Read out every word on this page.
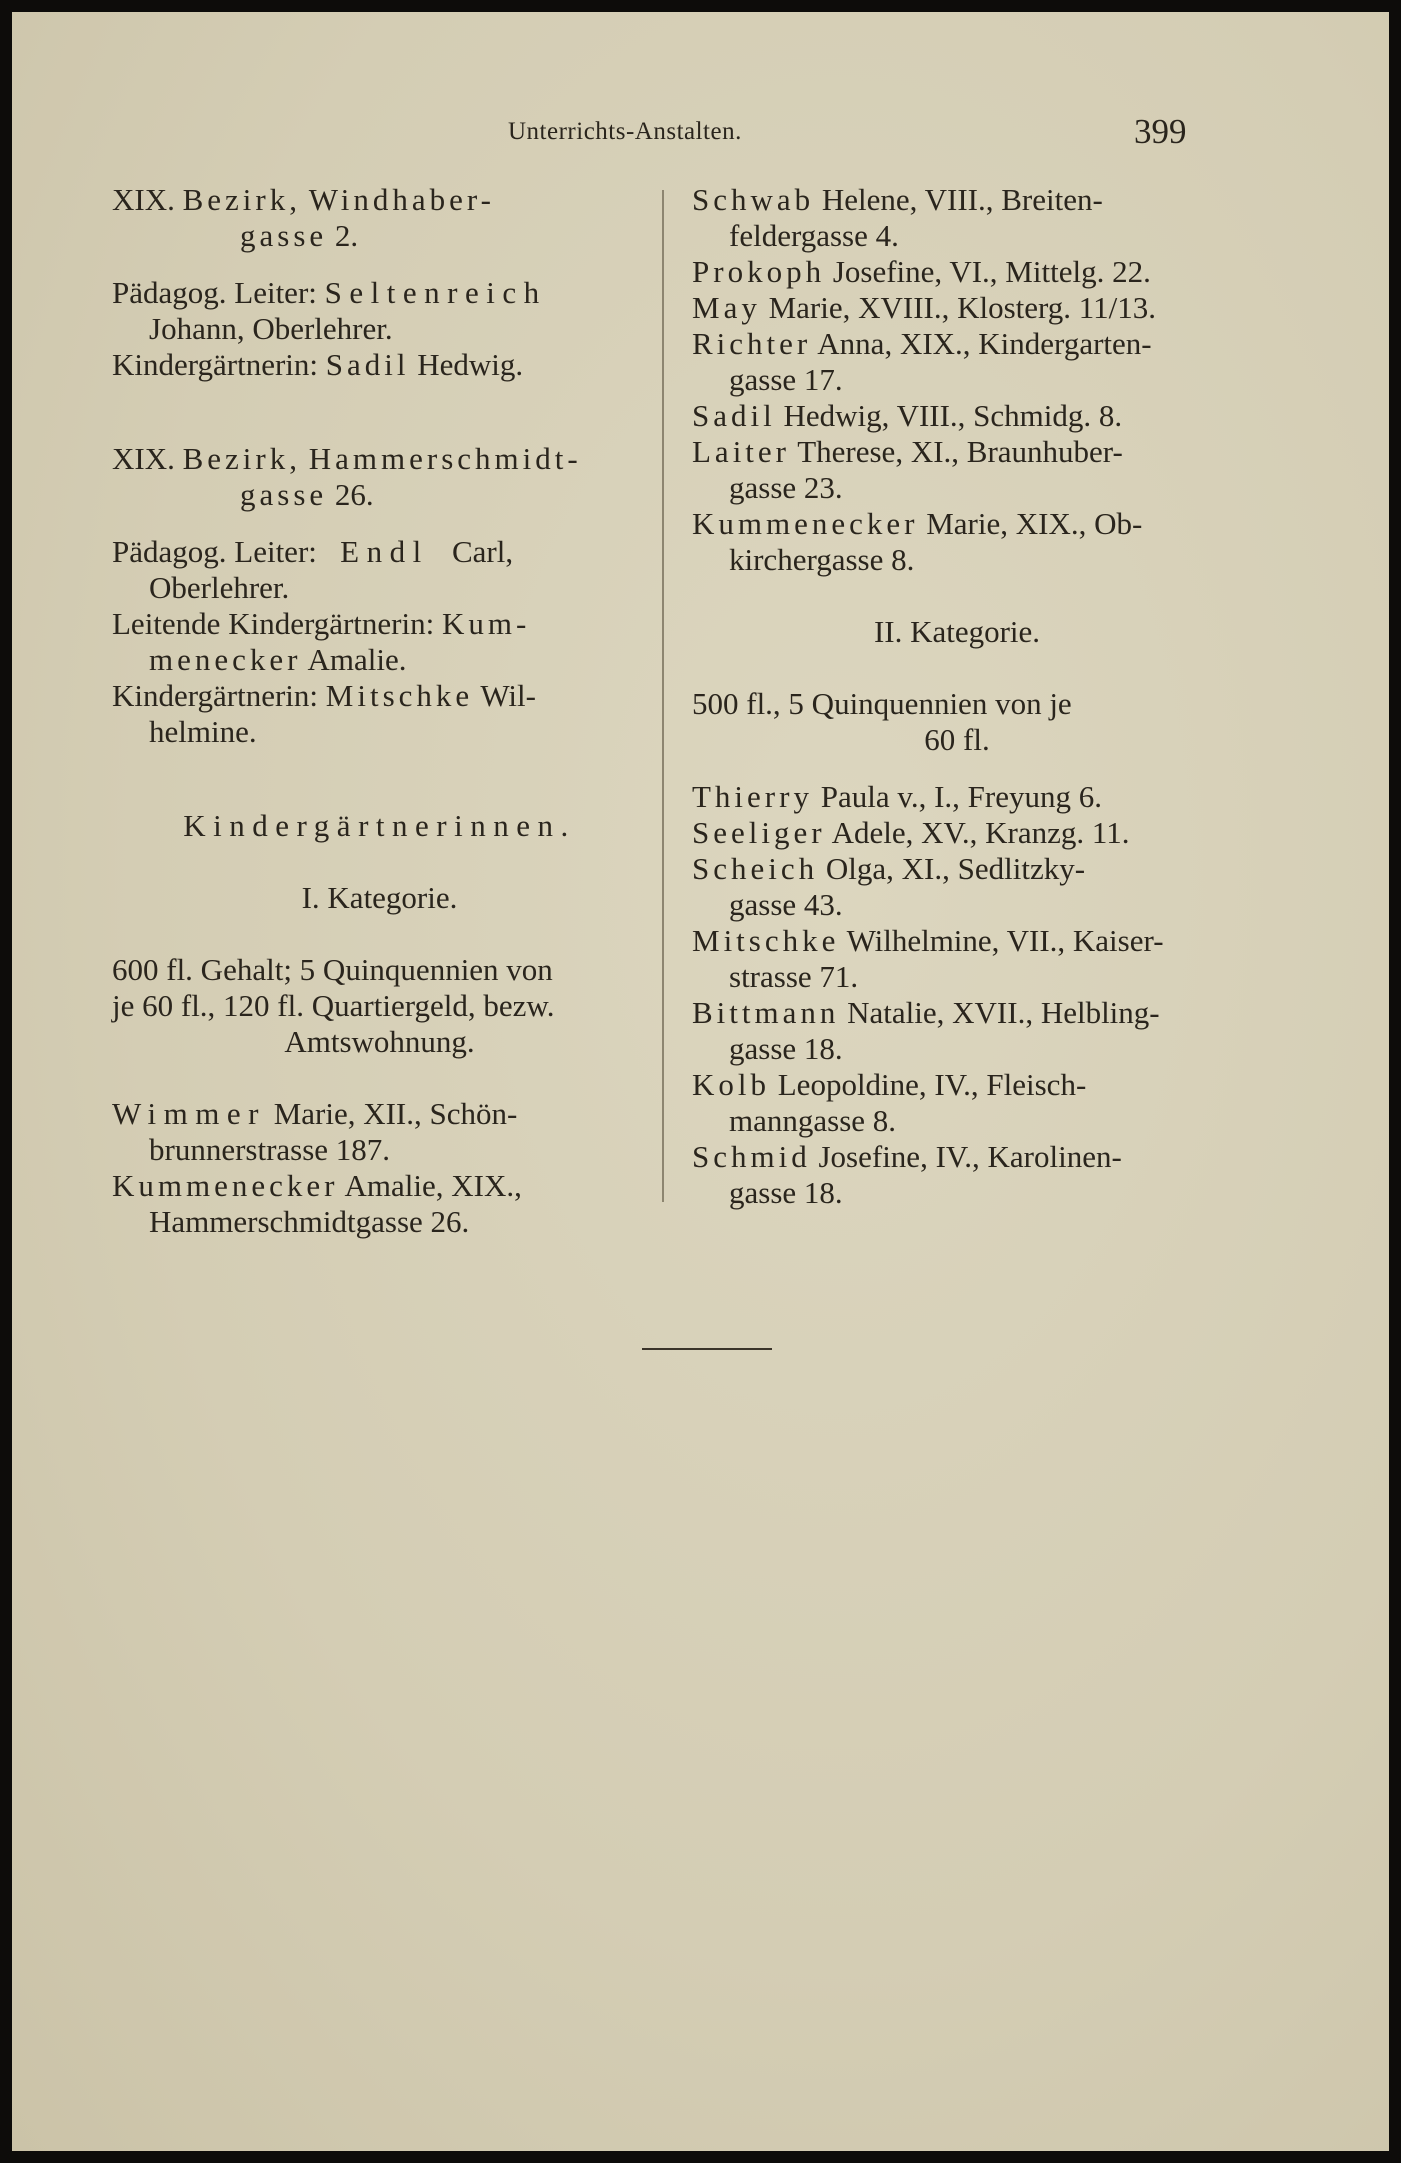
Unterrichts-Anstalten.	399
XIX. Bezirk, Windhaber-
gasse 2.
Pädagog. Leiter: Seltenreich
Johann, Oberlehrer.
Kindergärtnerin: Sadil Hedwig.
XIX. Bezirk, Hammerschmidt-
gasse 26.
Pädagog. Leiter: Endl Carl,
Oberlehrer.
Leitende Kindergärtnerin: Kum-
menecker Amalie.
Kindergärtnerin: Mitschke Wil-
helmine.
Kindergärtnerinnen.
I. Kategorie.
600 fl. Gehalt; 5 Quinquennien von
je 60 fl., 120 fl. Quartiergeld, bezw.
Amtswohnung.
Wimmer Marie, XII., Schön-
brunnerstrasse 187.
Kummenecker Amalie, XIX.,
Hammerschmidtgasse 26.
Schwab Helene, VIII., Breiten-
feldergasse 4.
Prokoph Josefine, VI., Mittelg. 22.
May Marie, XVIII., Klosterg. 11/13.
Richter Anna, XIX., Kindergarten-
gasse 17.
Sadil Hedwig, VIII., Schmidg. 8.
Laiter Therese, XI., Braunhuber-
gasse 23.
Kummenecker Marie, XIX., Ob-
kirchergasse 8.
II. Kategorie.
500 fl., 5 Quinquennien von je
60 fl.
Thierry Paula v., I., Freyung 6.
Seeliger Adele, XV., Kranzg. 11.
Scheich Olga, XI., Sedlitzky-
gasse 43.
Mitschke Wilhelmine, VII., Kaiser-
strasse 71.
Bittmann Natalie, XVII., Helbling-
gasse 18.
Kolb Leopoldine, IV., Fleisch-
manngasse 8.
Schmid Josefine, IV., Karolinen-
gasse 18.
